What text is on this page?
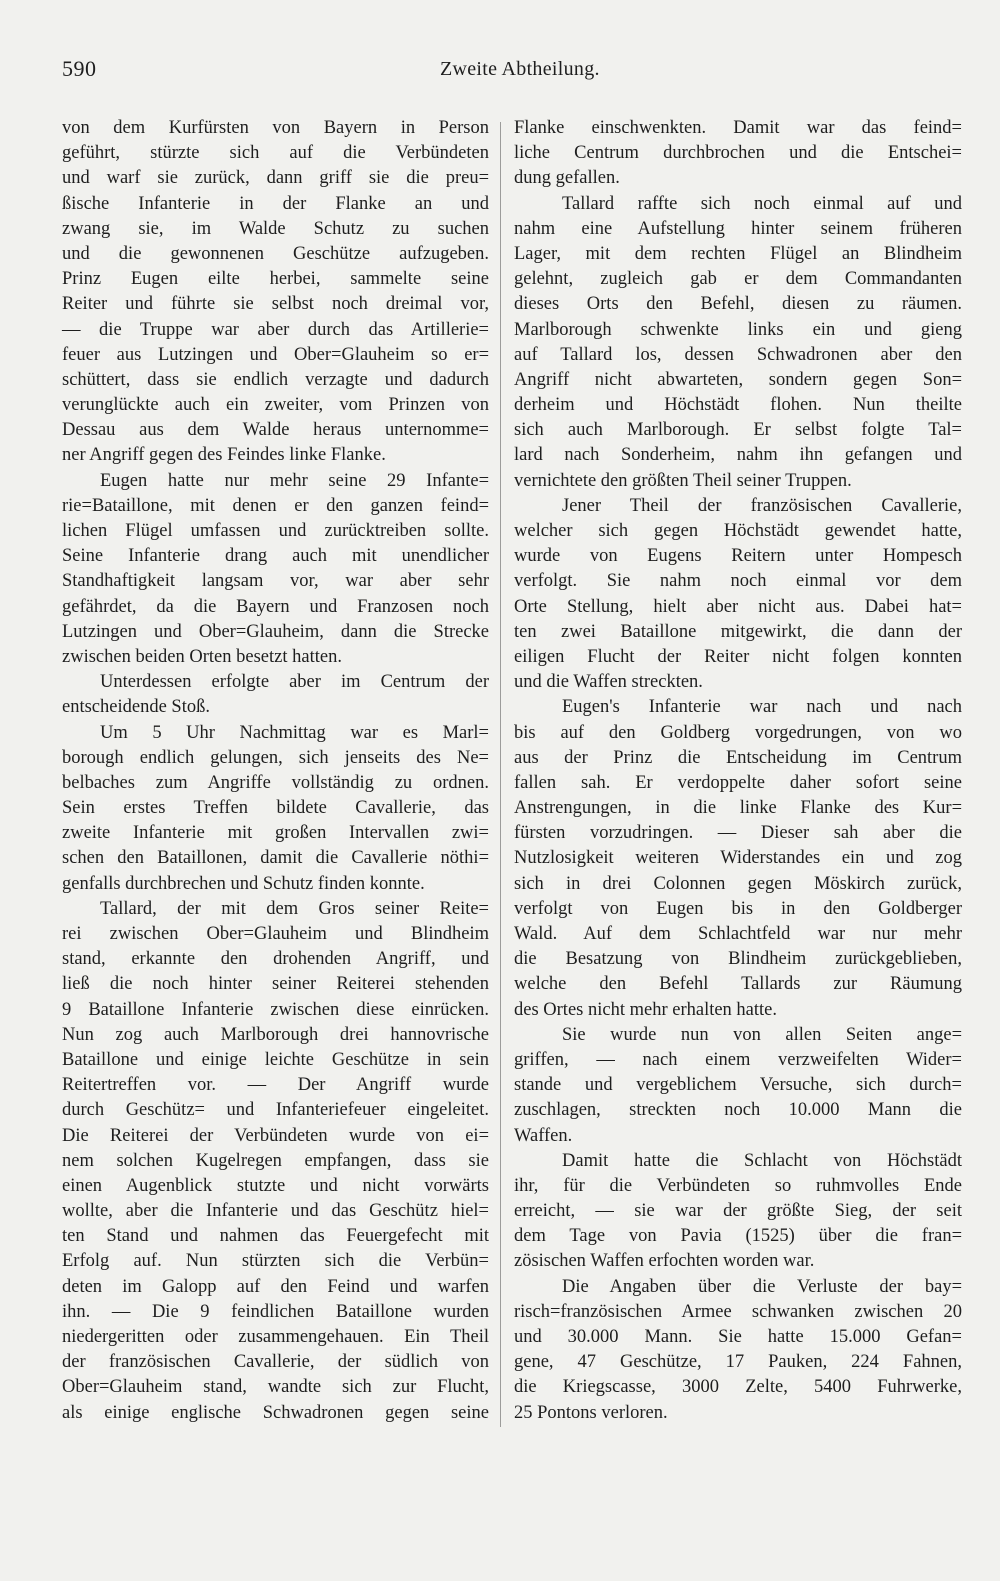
590	Zweite Abtheilung.
von dem Kurfürsten von Bayern in Person
geführt, stürzte sich auf die Verbündeten
und warf sie zurück, dann griff sie die preu=
ßische Infanterie in der Flanke an und
zwang sie, im Walde Schutz zu suchen
und die gewonnenen Geschütze aufzugeben.
Prinz Eugen eilte herbei, sammelte seine
Reiter und führte sie selbst noch dreimal vor,
— die Truppe war aber durch das Artillerie=
feuer aus Lutzingen und Ober=Glauheim so er=
schüttert, dass sie endlich verzagte und dadurch
verunglückte auch ein zweiter, vom Prinzen von
Dessau aus dem Walde heraus unternomme=
ner Angriff gegen des Feindes linke Flanke.
Eugen hatte nur mehr seine 29 Infante=
rie=Bataillone, mit denen er den ganzen feind=
lichen Flügel umfassen und zurücktreiben sollte.
Seine Infanterie drang auch mit unendlicher
Standhaftigkeit langsam vor, war aber sehr
gefährdet, da die Bayern und Franzosen noch
Lutzingen und Ober=Glauheim, dann die Strecke
zwischen beiden Orten besetzt hatten.
Unterdessen erfolgte aber im Centrum der
entscheidende Stoß.
Um 5 Uhr Nachmittag war es Marl=
borough endlich gelungen, sich jenseits des Ne=
belbaches zum Angriffe vollständig zu ordnen.
Sein erstes Treffen bildete Cavallerie, das
zweite Infanterie mit großen Intervallen zwi=
schen den Bataillonen, damit die Cavallerie nöthi=
genfalls durchbrechen und Schutz finden konnte.
Tallard, der mit dem Gros seiner Reite=
rei zwischen Ober=Glauheim und Blindheim
stand, erkannte den drohenden Angriff, und
ließ die noch hinter seiner Reiterei stehenden
9 Bataillone Infanterie zwischen diese einrücken.
Nun zog auch Marlborough drei hannovrische
Bataillone und einige leichte Geschütze in sein
Reitertreffen vor. — Der Angriff wurde
durch Geschütz= und Infanteriefeuer eingeleitet.
Die Reiterei der Verbündeten wurde von ei=
nem solchen Kugelregen empfangen, dass sie
einen Augenblick stutzte und nicht vorwärts
wollte, aber die Infanterie und das Geschütz hiel=
ten Stand und nahmen das Feuergefecht mit
Erfolg auf. Nun stürzten sich die Verbün=
deten im Galopp auf den Feind und warfen
ihn. — Die 9 feindlichen Bataillone wurden
niedergeritten oder zusammengehauen. Ein Theil
der französischen Cavallerie, der südlich von
Ober=Glauheim stand, wandte sich zur Flucht,
als einige englische Schwadronen gegen seine
Flanke einschwenkten. Damit war das feind=
liche Centrum durchbrochen und die Entschei=
dung gefallen.
Tallard raffte sich noch einmal auf und
nahm eine Aufstellung hinter seinem früheren
Lager, mit dem rechten Flügel an Blindheim
gelehnt, zugleich gab er dem Commandanten
dieses Orts den Befehl, diesen zu räumen.
Marlborough schwenkte links ein und gieng
auf Tallard los, dessen Schwadronen aber den
Angriff nicht abwarteten, sondern gegen Son=
derheim und Höchstädt flohen. Nun theilte
sich auch Marlborough. Er selbst folgte Tal=
lard nach Sonderheim, nahm ihn gefangen und
vernichtete den größten Theil seiner Truppen.
Jener Theil der französischen Cavallerie,
welcher sich gegen Höchstädt gewendet hatte,
wurde von Eugens Reitern unter Hompesch
verfolgt. Sie nahm noch einmal vor dem
Orte Stellung, hielt aber nicht aus. Dabei hat=
ten zwei Bataillone mitgewirkt, die dann der
eiligen Flucht der Reiter nicht folgen konnten
und die Waffen streckten.
Eugen's Infanterie war nach und nach
bis auf den Goldberg vorgedrungen, von wo
aus der Prinz die Entscheidung im Centrum
fallen sah. Er verdoppelte daher sofort seine
Anstrengungen, in die linke Flanke des Kur=
fürsten vorzudringen. — Dieser sah aber die
Nutzlosigkeit weiteren Widerstandes ein und zog
sich in drei Colonnen gegen Möskirch zurück,
verfolgt von Eugen bis in den Goldberger
Wald. Auf dem Schlachtfeld war nur mehr
die Besatzung von Blindheim zurückgeblieben,
welche den Befehl Tallards zur Räumung
des Ortes nicht mehr erhalten hatte.
Sie wurde nun von allen Seiten ange=
griffen, — nach einem verzweifelten Wider=
stande und vergeblichem Versuche, sich durch=
zuschlagen, streckten noch 10.000 Mann die
Waffen.
Damit hatte die Schlacht von Höchstädt
ihr, für die Verbündeten so ruhmvolles Ende
erreicht, — sie war der größte Sieg, der seit
dem Tage von Pavia (1525) über die fran=
zösischen Waffen erfochten worden war.
Die Angaben über die Verluste der bay=
risch=französischen Armee schwanken zwischen 20
und 30.000 Mann. Sie hatte 15.000 Gefan=
gene, 47 Geschütze, 17 Pauken, 224 Fahnen,
die Kriegscasse, 3000 Zelte, 5400 Fuhrwerke,
25 Pontons verloren.
